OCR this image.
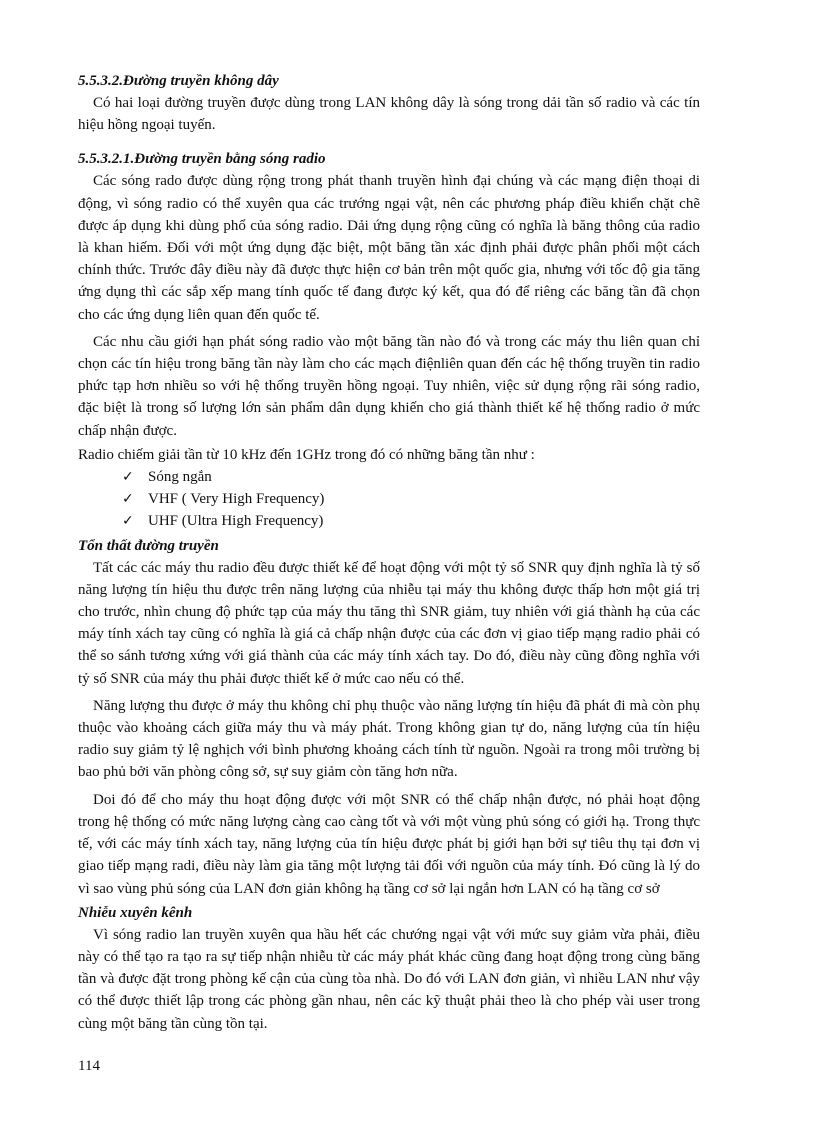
5.5.3.2.Đường truyền không dây

Có hai loại đường truyền được dùng trong LAN không dây là sóng trong dải tần số radio và các tín hiệu hồng ngoại tuyến.

5.5.3.2.1.Đường truyền bằng sóng radio

Các sóng rado được dùng rộng trong phát thanh truyền hình đại chúng và các mạng điện thoại di động, vì sóng radio có thể xuyên qua các trướng ngại vật, nên các phương pháp điều khiển chặt chẽ được áp dụng khi dùng phổ của sóng radio. Dải ứng dụng rộng cũng có nghĩa là băng thông của radio là khan hiếm. Đối với một ứng dụng đặc biệt, một băng tần xác định phải được phân phối một cách chính thức. Trước đây điều này đã được thực hiện cơ bản trên một quốc gia, nhưng với tốc độ gia tăng ứng dụng thì các sắp xếp mang tính quốc tế đang được ký kết, qua đó để riêng các băng tần đã chọn cho các ứng dụng liên quan đến quốc tế.

Các nhu cầu giới hạn phát sóng radio vào một băng tần nào đó và trong các máy thu liên quan chỉ chọn các tín hiệu trong băng tần này làm cho các mạch điệnliên quan đến các hệ thống truyền tin radio phức tạp hơn nhiều so với hệ thống truyền hồng ngoại. Tuy nhiên, việc sử dụng rộng rãi sóng radio, đặc biệt là trong số lượng lớn sản phẩm dân dụng khiến cho giá thành thiết kế hệ thống radio ở mức chấp nhận được.

Radio chiếm giải tần từ 10 kHz đến 1GHz trong đó có những băng tần như :

✓ Sóng ngắn
✓ VHF ( Very High Frequency)
✓ UHF (Ultra High Frequency)
Tổn thất đường truyền

Tất các các máy thu radio đều được thiết kế để hoạt động với một tỷ số SNR quy định nghĩa là tỷ số năng lượng tín hiệu thu được trên năng lượng của nhiễu tại máy thu không được thấp hơn một giá trị cho trước, nhìn chung độ phức tạp của máy thu tăng thì SNR giảm, tuy nhiên với giá thành hạ của các máy tính xách tay cũng có nghĩa là giá cả chấp nhận được của các đơn vị giao tiếp mạng radio phải có thể so sánh tương xứng với giá thành của các máy tính xách tay. Do đó, điều này cũng đồng nghĩa với tỷ số SNR của máy thu phải được thiết kế ở mức cao nếu có thể.

Năng lượng thu được ở máy thu không chỉ phụ thuộc vào năng lượng tín hiệu đã phát đi mà còn phụ thuộc vào khoảng cách giữa máy thu và máy phát. Trong không gian tự do, năng lượng của tín hiệu radio suy giảm tỷ lệ nghịch với bình phương khoảng cách tính từ nguồn. Ngoài ra trong môi trường bị bao phủ bởi văn phòng công sở, sự suy giảm còn tăng hơn nữa.

Doi đó để cho máy thu hoạt động được với một SNR có thể chấp nhận được, nó phải hoạt động trong hệ thống có mức năng lượng càng cao càng tốt và với một vùng phủ sóng có giới hạ. Trong thực tế, với các máy tính xách tay, năng lượng của tín hiệu được phát bị giới hạn bởi sự tiêu thụ tại đơn vị giao tiếp mạng radi, điều này làm gia tăng một lượng tải đối với nguồn của máy tính. Đó cũng là lý do vì sao vùng phủ sóng của LAN đơn giản không hạ tầng cơ sở lại ngắn hơn LAN có hạ tầng cơ sở

Nhiễu xuyên kênh

Vì sóng radio lan truyền xuyên qua hầu hết các chướng ngại vật với mức suy giảm vừa phải, điều này có thể tạo ra tạo ra sự tiếp nhận nhiễu từ các máy phát khác cũng đang hoạt động trong cùng băng tần và được đặt trong phòng kế cận của cùng tòa nhà. Do đó với LAN đơn giản, vì nhiều LAN như vậy có thể được thiết lập trong các phòng gần nhau, nên các kỹ thuật phải theo là cho phép vài user trong cùng một băng tần cùng tồn tại.

114
